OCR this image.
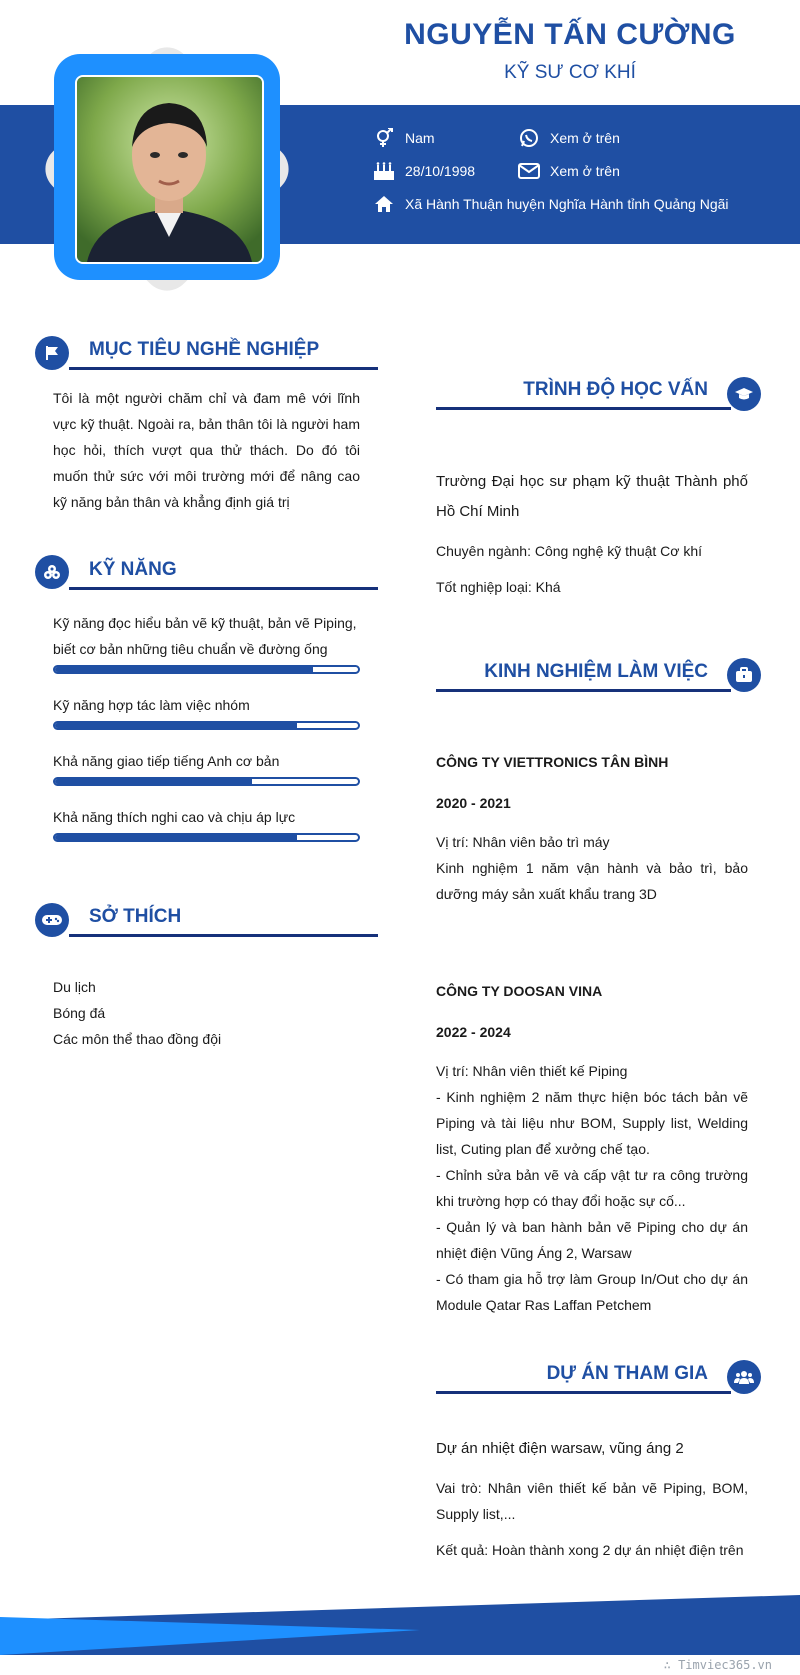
NGUYỄN TẤN CƯỜNG
KỸ SƯ CƠ KHÍ
Nam	Xem ở trên
28/10/1998	Xem ở trên
Xã Hành Thuận huyện Nghĩa Hành tỉnh Quảng Ngãi
MỤC TIÊU NGHỀ NGHIỆP
Tôi là một người chăm chỉ và đam mê với lĩnh vực kỹ thuật. Ngoài ra, bản thân tôi là người ham học hỏi, thích vượt qua thử thách. Do đó tôi muốn thử sức với môi trường mới để nâng cao kỹ năng bản thân và khẳng định giá trị
KỸ NĂNG
Kỹ năng đọc hiểu bản vẽ kỹ thuật, bản vẽ Piping, biết cơ bản những tiêu chuẩn về đường ống
Kỹ năng hợp tác làm việc nhóm
Khả năng giao tiếp tiếng Anh cơ bản
Khả năng thích nghi cao và chịu áp lực
SỞ THÍCH
Du lịch
Bóng đá
Các môn thể thao đồng đội
TRÌNH ĐỘ HỌC VẤN
Trường Đại học sư phạm kỹ thuật Thành phố Hồ Chí Minh
Chuyên ngành: Công nghệ kỹ thuật Cơ khí
Tốt nghiệp loại: Khá
KINH NGHIỆM LÀM VIỆC
CÔNG TY VIETTRONICS TÂN BÌNH
2020 - 2021
Vị trí: Nhân viên bảo trì máy
Kinh nghiệm 1 năm vận hành và bảo trì, bảo dưỡng máy sản xuất khẩu trang 3D
CÔNG TY DOOSAN VINA
2022 - 2024
Vị trí: Nhân viên thiết kế Piping
- Kinh nghiệm 2 năm thực hiện bóc tách bản vẽ Piping và tài liệu như BOM, Supply list, Welding list, Cuting plan để xưởng chế tạo.
- Chỉnh sửa bản vẽ và cấp vật tư ra công trường khi trường hợp có thay đổi hoặc sự cố...
- Quản lý và ban hành bản vẽ Piping cho dự án nhiệt điện Vũng Áng 2, Warsaw
- Có tham gia hỗ trợ làm Group In/Out cho dự án Module Qatar Ras Laffan Petchem
DỰ ÁN THAM GIA
Dự án nhiệt điện warsaw, vũng áng 2
Vai trò: Nhân viên thiết kế bản vẽ Piping, BOM, Supply list,...
Kết quả: Hoàn thành xong 2 dự án nhiệt điện trên
∴ Timviec365.vn
